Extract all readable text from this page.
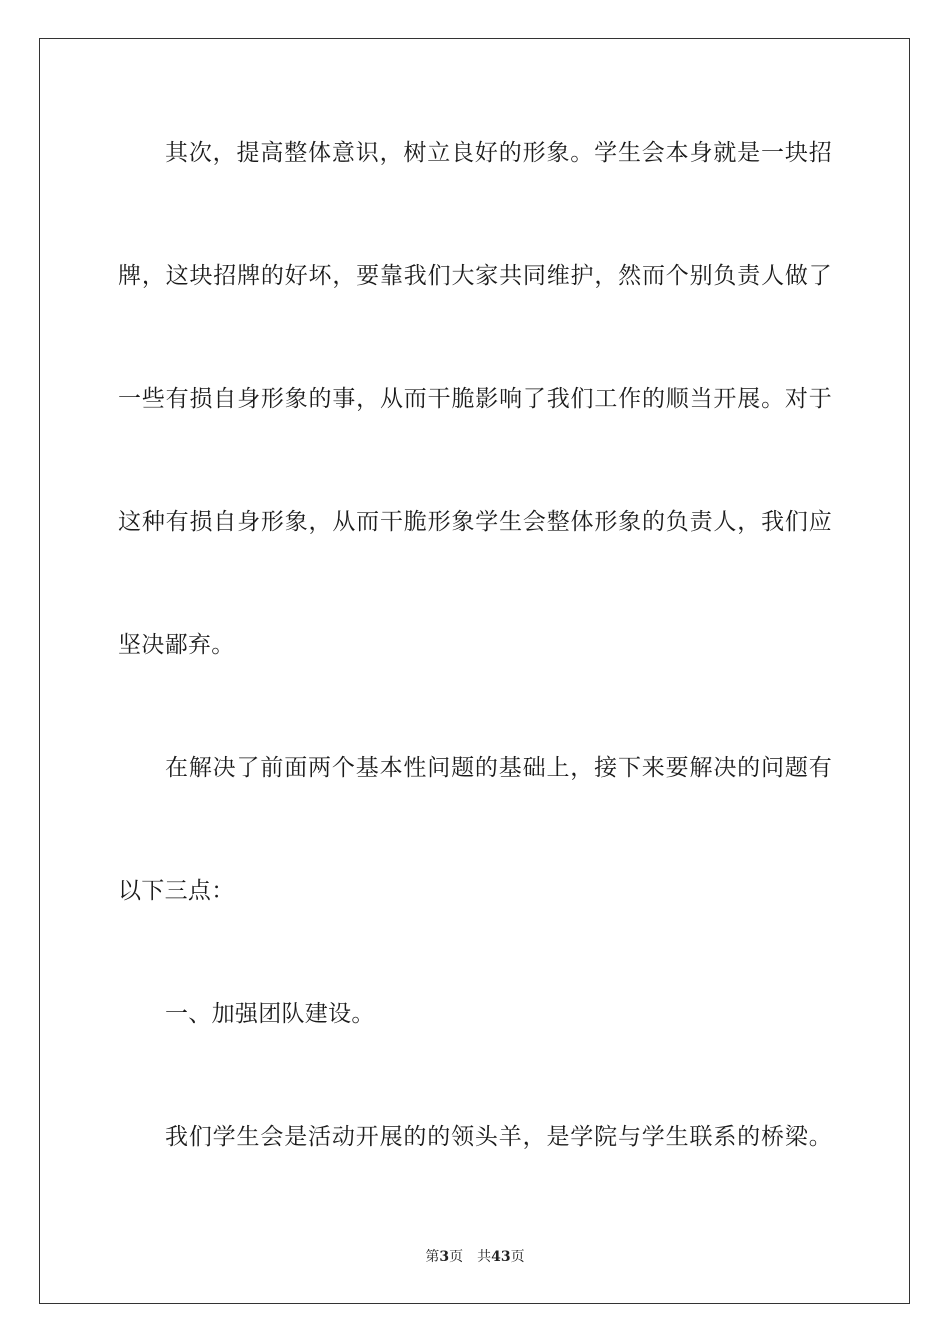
其次，提高整体意识，树立良好的形象。学生会本身就是一块招
牌，这块招牌的好坏，要靠我们大家共同维护，然而个别负责人做了
一些有损自身形象的事，从而干脆影响了我们工作的顺当开展。对于
这种有损自身形象，从而干脆形象学生会整体形象的负责人，我们应
坚决鄙弃。
在解决了前面两个基本性问题的基础上，接下来要解决的问题有
以下三点：
一、加强团队建设。
我们学生会是活动开展的的领头羊，是学院与学生联系的桥梁。
第3页 共43页
